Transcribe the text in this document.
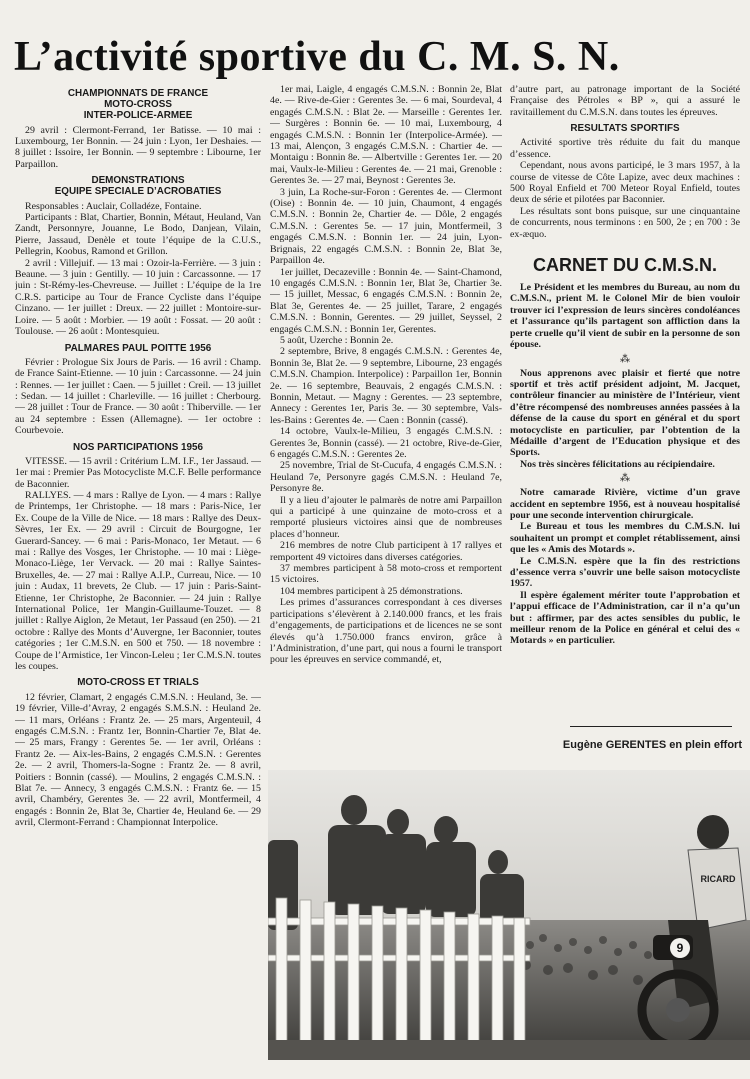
L’activité sportive du C. M. S. N.
CHAMPIONNATS DE FRANCE
MOTO-CROSS
INTER-POLICE-ARMEE

29 avril : Clermont-Ferrand, 1er Batisse. — 10 mai : Luxembourg, 1er Bonnin. — 24 juin : Lyon, 1er Deshaies. — 8 juillet : Issoire, 1er Bonnin. — 9 septembre : Libourne, 1er Parpaillon.

DEMONSTRATIONS
EQUIPE SPECIALE D’ACROBATIES

Responsables : Auclair, Colladéze, Fontaine.

Participants : Blat, Chartier, Bonnin, Métaut, Heuland, Van Zandt, Personnyre, Jouanne, Le Bodo, Danjean, Vilain, Pierre, Jassaud, Denèle et toute l’équipe de la C.U.S., Pellegrin, Koobus, Ramond et Grillon.

2 avril : Villejuif. — 13 mai : Ozoir-la-Ferrière. — 3 juin : Beaune. — 3 juin : Gentilly. — 10 juin : Carcassonne. — 17 juin : St-Rémy-les-Chevreuse. — Juillet : L’équipe de la 1re C.R.S. participe au Tour de France Cycliste dans l’équipe Cinzano. — 1er juillet : Dreux. — 22 juillet : Montoire-sur-Loire. — 5 août : Morbier. — 19 août : Fossat. — 20 août : Toulouse. — 26 août : Montesquieu.

PALMARES PAUL POITTE 1956

Février : Prologue Six Jours de Paris. — 16 avril : Champ. de France Saint-Etienne. — 10 juin : Carcassonne. — 24 juin : Rennes. — 1er juillet : Caen. — 5 juillet : Creil. — 13 juillet : Sedan. — 14 juillet : Charleville. — 16 juillet : Cherbourg. — 28 juillet : Tour de France. — 30 août : Thiberville. — 1er au 24 septembre : Essen (Allemagne). — 1er octobre : Courbevoie.

NOS PARTICIPATIONS 1956

VITESSE. — 15 avril : Critérium L.M. I.F., 1er Jassaud. — 1er mai : Premier Pas Motocycliste M.C.F. Belle performance de Baconnier.

RALLYES. — 4 mars : Rallye de Lyon. — 4 mars : Rallye de Printemps, 1er Christophe. — 18 mars : Paris-Nice, 1er Ex. Coupe de la Ville de Nice. — 18 mars : Rallye des Deux-Sèvres, 1er Ex. — 29 avril : Circuit de Bourgogne, 1er Guerard-Sancey. — 6 mai : Paris-Monaco, 1er Metaut. — 6 mai : Rallye des Vosges, 1er Christophe. — 10 mai : Liège-Monaco-Liège, 1er Vervack. — 20 mai : Rallye Saintes-Bruxelles, 4e. — 27 mai : Rallye A.I.P., Curreau, Nice. — 10 juin : Audax, 11 brevets, 2e Club. — 17 juin : Paris-Saint-Etienne, 1er Christophe, 2e Baconnier. — 24 juin : Rallye International Police, 1er Mangin-Guillaume-Touzet. — 8 juillet : Rallye Aiglon, 2e Metaut, 1er Passaud (en 250). — 21 octobre : Rallye des Monts d’Auvergne, 1er Baconnier, toutes catégories ; 1er C.M.S.N. en 500 et 750. — 18 novembre : Coupe de l’Armistice, 1er Vincon-Leleu ; 1er C.M.S.N. toutes les coupes.

MOTO-CROSS ET TRIALS

12 février, Clamart, 2 engagés C.M.S.N. : Heuland, 3e. — 19 février, Ville-d’Avray, 2 engagés S.M.S.N. : Heuland 2e. — 11 mars, Orléans : Frantz 2e. — 25 mars, Argenteuil, 4 engagés C.M.S.N. : Frantz 1er, Bonnin-Chartier 7e, Blat 4e. — 25 mars, Frangy : Gerentes 5e. — 1er avril, Orléans : Frantz 2e. — Aix-les-Bains, 2 engagés C.M.S.N. : Gerentes 2e. — 2 avril, Thomers-la-Sogne : Frantz 2e. — 8 avril, Poitiers : Bonnin (cassé). — Moulins, 2 engagés C.M.S.N. : Blat 7e. — Annecy, 3 engagés C.M.S.N. : Frantz 6e. — 15 avril, Chambéry, Gerentes 3e. — 22 avril, Montfermeil, 4 engagés : Bonnin 2e, Blat 3e, Chartier 4e, Heuland 6e. — 29 avril, Clermont-Ferrand : Championnat Interpolice.

1er mai, Laigle, 4 engagés C.M.S.N. : Bonnin 2e, Blat 4e. — Rive-de-Gier : Gerentes 3e. — 6 mai, Sourdeval, 4 engagés C.M.S.N. : Blat 2e. — Marseille : Gerentes 1er. — Surgères : Bonnin 6e. — 10 mai, Luxembourg, 4 engagés C.M.S.N. : Bonnin 1er (Interpolice-Armée). — 13 mai, Alençon, 3 engagés C.M.S.N. : Chartier 4e. — Montaigu : Bonnin 8e. — Albertville : Gerentes 1er. — 20 mai, Vaulx-le-Milieu : Gerentes 4e. — 21 mai, Grenoble : Gerentes 3e. — 27 mai, Beynost : Gerentes 3e.

3 juin, La Roche-sur-Foron : Gerentes 4e. — Clermont (Oise) : Bonnin 4e. — 10 juin, Chaumont, 4 engagés C.M.S.N. : Bonnin 2e, Chartier 4e. — Dôle, 2 engagés C.M.S.N. : Gerentes 5e. — 17 juin, Montfermeil, 3 engagés C.M.S.N. : Bonnin 1er. — 24 juin, Lyon-Brignais, 22 engagés C.M.S.N. : Bonnin 2e, Blat 3e, Parpaillon 4e.

1er juillet, Decazeville : Bonnin 4e. — Saint-Chamond, 10 engagés C.M.S.N. : Bonnin 1er, Blat 3e, Chartier 3e. — 15 juillet, Messac, 6 engagés C.M.S.N. : Bonnin 2e, Blat 3e, Gerentes 4e. — 25 juillet, Tarare, 2 engagés C.M.S.N. : Bonnin, Gerentes. — 29 juillet, Seyssel, 2 engagés C.M.S.N. : Bonnin 1er, Gerentes.

5 août, Uzerche : Bonnin 2e.

2 septembre, Brive, 8 engagés C.M.S.N. : Gerentes 4e, Bonnin 3e, Blat 2e. — 9 septembre, Libourne, 23 engagés C.M.S.N. Champion. Interpolice) : Parpaillon 1er, Bonnin 2e. — 16 septembre, Beauvais, 2 engagés C.M.S.N. : Bonnin, Metaut. — Magny : Gerentes. — 23 septembre, Annecy : Gerentes 1er, Paris 3e. — 30 septembre, Vals-les-Bains : Gerentes 4e. — Caen : Bonnin (cassé).

14 octobre, Vaulx-le-Milieu, 3 engagés C.M.S.N. : Gerentes 3e, Bonnin (cassé). — 21 octobre, Rive-de-Gier, 6 engagés C.M.S.N. : Gerentes 2e.

25 novembre, Trial de St-Cucufa, 4 engagés C.M.S.N. : Heuland 7e, Personyre gagés C.M.S.N. : Heuland 7e, Personyre 8e.

Il y a lieu d’ajouter le palmarès de notre ami Parpaillon qui a participé à une quinzaine de moto-cross et a remporté plusieurs victoires ainsi que de nombreuses places d’honneur.

216 membres de notre Club participent à 17 rallyes et remportent 49 victoires dans diverses catégories.

37 membres participent à 58 moto-cross et remportent 15 victoires.

104 membres participent à 25 démonstrations.

Les primes d’assurances correspondant à ces diverses participations s’élevèrent à 2.140.000 francs, et les frais d’engagements, de participations et de licences ne se sont élevés qu’à 1.750.000 francs environ, grâce à l’Administration, d’une part, qui nous a fourni le transport pour les épreuves en service commandé, et,

d’autre part, au patronage important de la Société Française des Pétroles « BP », qui a assuré le ravitaillement du C.M.S.N. dans toutes les épreuves.

RESULTATS SPORTIFS

Activité sportive très réduite du fait du manque d’essence.

Cependant, nous avons participé, le 3 mars 1957, à la course de vitesse de Côte Lapize, avec deux machines : 500 Royal Enfield et 700 Meteor Royal Enfield, toutes deux de série et pilotées par Baconnier.

Les résultats sont bons puisque, sur une cinquantaine de concurrents, nous terminons : en 500, 2e ; en 700 : 3e ex-æquo.

CARNET DU C.M.S.N.

Le Président et les membres du Bureau, au nom du C.M.S.N., prient M. le Colonel Mir de bien vouloir trouver ici l’expression de leurs sincères condoléances et l’assurance qu’ils partagent son affliction dans la perte cruelle qu’il vient de subir en la personne de son épouse.

⁂

Nous apprenons avec plaisir et fierté que notre sportif et très actif président adjoint, M. Jacquet, contrôleur financier au ministère de l’Intérieur, vient d’être récompensé des nombreuses années passées à la défense de la cause du sport en général et du sport motocycliste en particulier, par l’obtention de la Médaille d’argent de l’Education physique et des Sports.

Nos très sincères félicitations au récipiendaire.

⁂

Notre camarade Rivière, victime d’un grave accident en septembre 1956, est à nouveau hospitalisé pour une seconde intervention chirurgicale.

Le Bureau et tous les membres du C.M.S.N. lui souhaitent un prompt et complet rétablissement, ainsi que les « Amis des Motards ».

Le C.M.S.N. espère que la fin des restrictions d’essence verra s’ouvrir une belle saison motocycliste 1957.

Il espère également mériter toute l’approbation et l’appui efficace de l’Administration, car il n’a qu’un but : affirmer, par des actes sensibles du public, le meilleur renom de la Police en général et celui des « Motards » en particulier.

Eugène GERENTES en plein effort
9
RICARD
